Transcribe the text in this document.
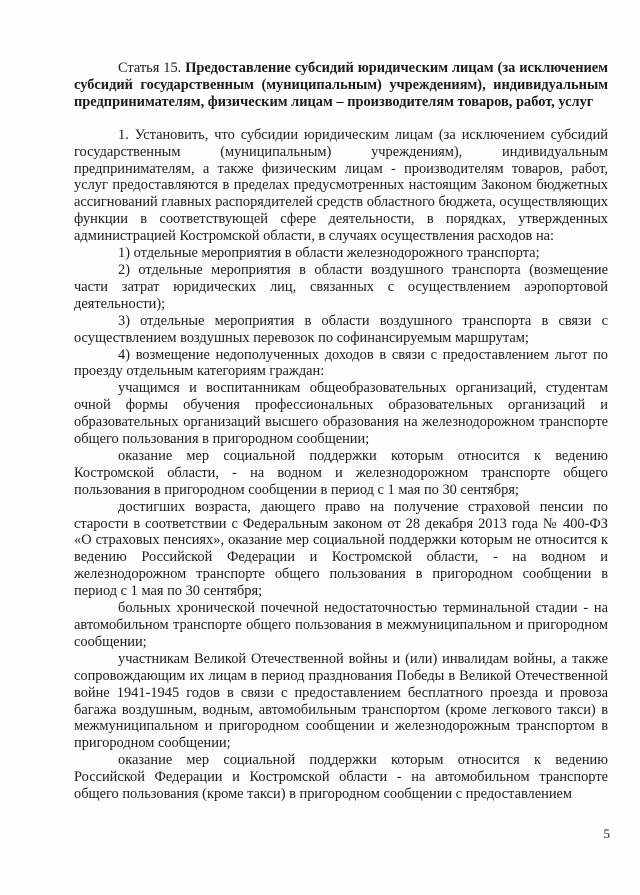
Статья 15. Предоставление субсидий юридическим лицам (за исключением субсидий государственным (муниципальным) учреждениям), индивидуальным предпринимателям, физическим лицам – производителям товаров, работ, услуг

1. Установить, что субсидии юридическим лицам (за исключением субсидий государственным (муниципальным) учреждениям), индивидуальным предпринимателям, а также физическим лицам - производителям товаров, работ, услуг предоставляются в пределах предусмотренных настоящим Законом бюджетных ассигнований главных распорядителей средств областного бюджета, осуществляющих функции в соответствующей сфере деятельности, в порядках, утвержденных администрацией Костромской области, в случаях осуществления расходов на:

1) отдельные мероприятия в области железнодорожного транспорта;

2) отдельные мероприятия в области воздушного транспорта (возмещение части затрат юридических лиц, связанных с осуществлением аэропортовой деятельности);

3) отдельные мероприятия в области воздушного транспорта в связи с осуществлением воздушных перевозок по софинансируемым маршрутам;

4) возмещение недополученных доходов в связи с предоставлением льгот по проезду отдельным категориям граждан:

учащимся и воспитанникам общеобразовательных организаций, студентам очной формы обучения профессиональных образовательных организаций и образовательных организаций высшего образования на железнодорожном транспорте общего пользования в пригородном сообщении;

оказание мер социальной поддержки которым относится к ведению Костромской области, - на водном и железнодорожном транспорте общего пользования в пригородном сообщении в период с 1 мая по 30 сентября;

достигших возраста, дающего право на получение страховой пенсии по старости в соответствии с Федеральным законом от 28 декабря 2013 года № 400-ФЗ «О страховых пенсиях», оказание мер социальной поддержки которым не относится к ведению Российской Федерации и Костромской области, - на водном и железнодорожном транспорте общего пользования в пригородном сообщении в период с 1 мая по 30 сентября;

больных хронической почечной недостаточностью терминальной стадии - на автомобильном транспорте общего пользования в межмуниципальном и пригородном сообщении;

участникам Великой Отечественной войны и (или) инвалидам войны, а также сопровождающим их лицам в период празднования Победы в Великой Отечественной войне 1941-1945 годов в связи с предоставлением бесплатного проезда и провоза багажа воздушным, водным, автомобильным транспортом (кроме легкового такси) в межмуниципальном и пригородном сообщении и железнодорожным транспортом в пригородном сообщении;

оказание мер социальной поддержки которым относится к ведению Российской Федерации и Костромской области - на автомобильном транспорте общего пользования (кроме такси) в пригородном сообщении с предоставлением

5
